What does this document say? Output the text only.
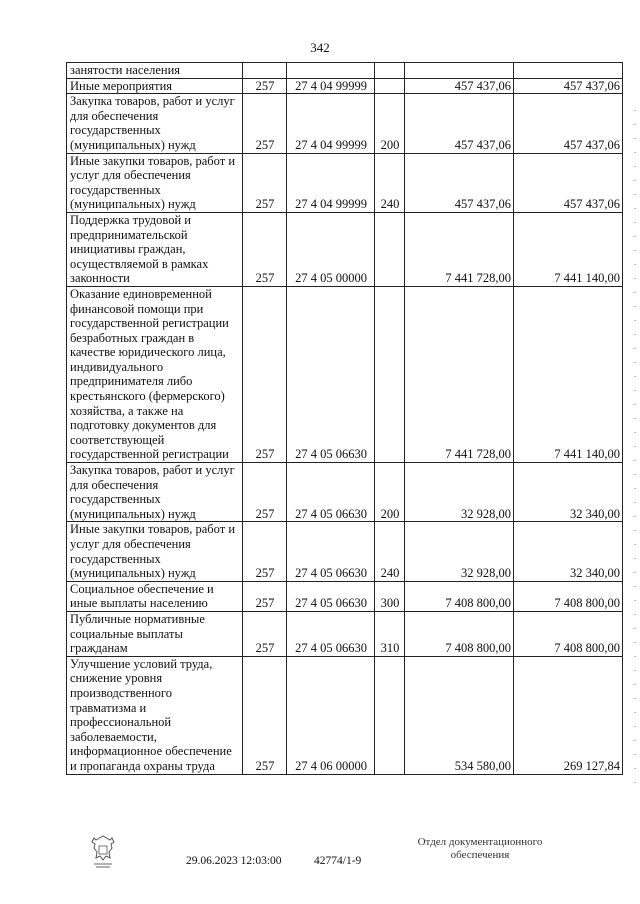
342
занятости населения					
Иные мероприятия	257	27 4 04 99999		457 437,06	457 437,06
Закупка товаров, работ и услуг для обеспечения государственных (муниципальных) нужд	257	27 4 04 99999	200	457 437,06	457 437,06
Иные закупки товаров, работ и услуг для обеспечения государственных (муниципальных) нужд	257	27 4 04 99999	240	457 437,06	457 437,06
Поддержка трудовой и предпринимательской инициативы граждан, осуществляемой в рамках законности	257	27 4 05 00000		7 441 728,00	7 441 140,00
Оказание единовременной финансовой помощи при государственной регистрации безработных граждан в качестве юридического лица, индивидуального предпринимателя либо крестьянского (фермерского) хозяйства, а также на подготовку документов для соответствующей государственной регистрации	257	27 4 05 06630		7 441 728,00	7 441 140,00
Закупка товаров, работ и услуг для обеспечения государственных (муниципальных) нужд	257	27 4 05 06630	200	32 928,00	32 340,00
Иные закупки товаров, работ и услуг для обеспечения государственных (муниципальных) нужд	257	27 4 05 06630	240	32 928,00	32 340,00
Социальное обеспечение и иные выплаты населению	257	27 4 05 06630	300	7 408 800,00	7 408 800,00
Публичные нормативные социальные выплаты гражданам	257	27 4 05 06630	310	7 408 800,00	7 408 800,00
Улучшение условий труда, снижение уровня производственного травматизма и профессиональной заболеваемости, информационное обеспечение и пропаганда охраны труда	257	27 4 06 00000		534 580,00	269 127,84
29.06.2023 12:03:00	42774/1-9
Отдел документационного
обеспечения
